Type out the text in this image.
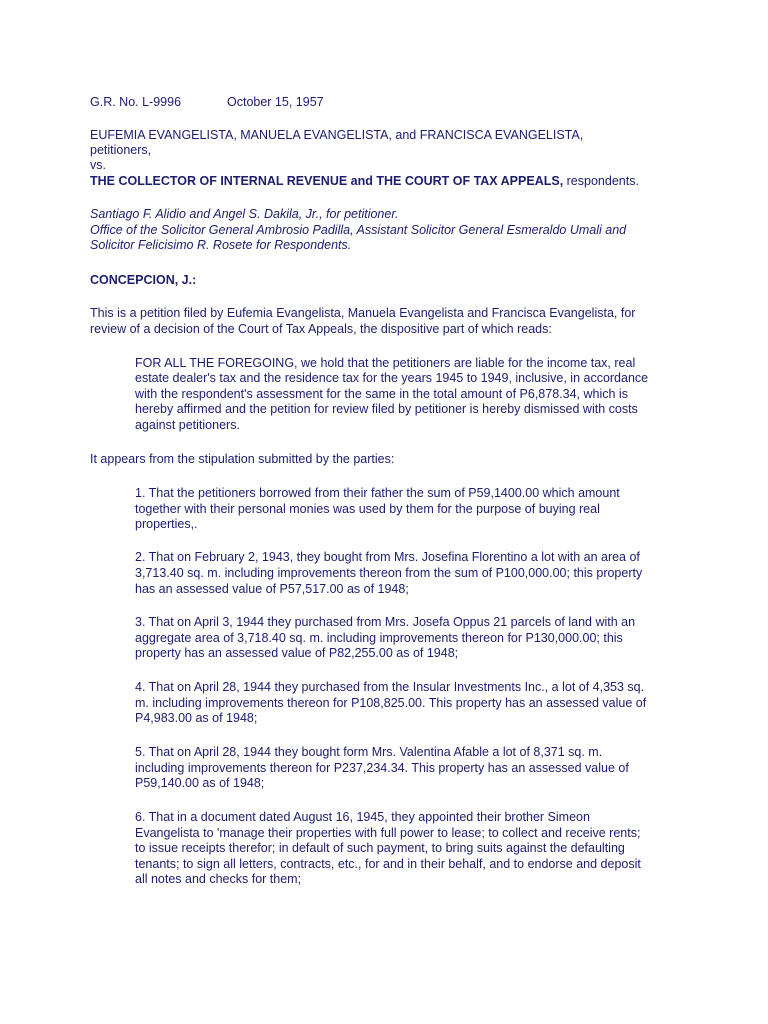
G.R. No. L-9996	October 15, 1957
EUFEMIA EVANGELISTA, MANUELA EVANGELISTA, and FRANCISCA EVANGELISTA,
petitioners,
vs.
THE COLLECTOR OF INTERNAL REVENUE and THE COURT OF TAX APPEALS, respondents.
Santiago F. Alidio and Angel S. Dakila, Jr., for petitioner.
Office of the Solicitor General Ambrosio Padilla, Assistant Solicitor General Esmeraldo Umali and
Solicitor Felicisimo R. Rosete for Respondents.
CONCEPCION, J.:
This is a petition filed by Eufemia Evangelista, Manuela Evangelista and Francisca Evangelista, for
review of a decision of the Court of Tax Appeals, the dispositive part of which reads:
FOR ALL THE FOREGOING, we hold that the petitioners are liable for the income tax, real
estate dealer's tax and the residence tax for the years 1945 to 1949, inclusive, in accordance
with the respondent's assessment for the same in the total amount of P6,878.34, which is
hereby affirmed and the petition for review filed by petitioner is hereby dismissed with costs
against petitioners.
It appears from the stipulation submitted by the parties:
1. That the petitioners borrowed from their father the sum of P59,1400.00 which amount
together with their personal monies was used by them for the purpose of buying real
properties,.
2. That on February 2, 1943, they bought from Mrs. Josefina Florentino a lot with an area of
3,713.40 sq. m. including improvements thereon from the sum of P100,000.00; this property
has an assessed value of P57,517.00 as of 1948;
3. That on April 3, 1944 they purchased from Mrs. Josefa Oppus 21 parcels of land with an
aggregate area of 3,718.40 sq. m. including improvements thereon for P130,000.00; this
property has an assessed value of P82,255.00 as of 1948;
4. That on April 28, 1944 they purchased from the Insular Investments Inc., a lot of 4,353 sq.
m. including improvements thereon for P108,825.00. This property has an assessed value of
P4,983.00 as of 1948;
5. That on April 28, 1944 they bought form Mrs. Valentina Afable a lot of 8,371 sq. m.
including improvements thereon for P237,234.34. This property has an assessed value of
P59,140.00 as of 1948;
6. That in a document dated August 16, 1945, they appointed their brother Simeon
Evangelista to 'manage their properties with full power to lease; to collect and receive rents;
to issue receipts therefor; in default of such payment, to bring suits against the defaulting
tenants; to sign all letters, contracts, etc., for and in their behalf, and to endorse and deposit
all notes and checks for them;
